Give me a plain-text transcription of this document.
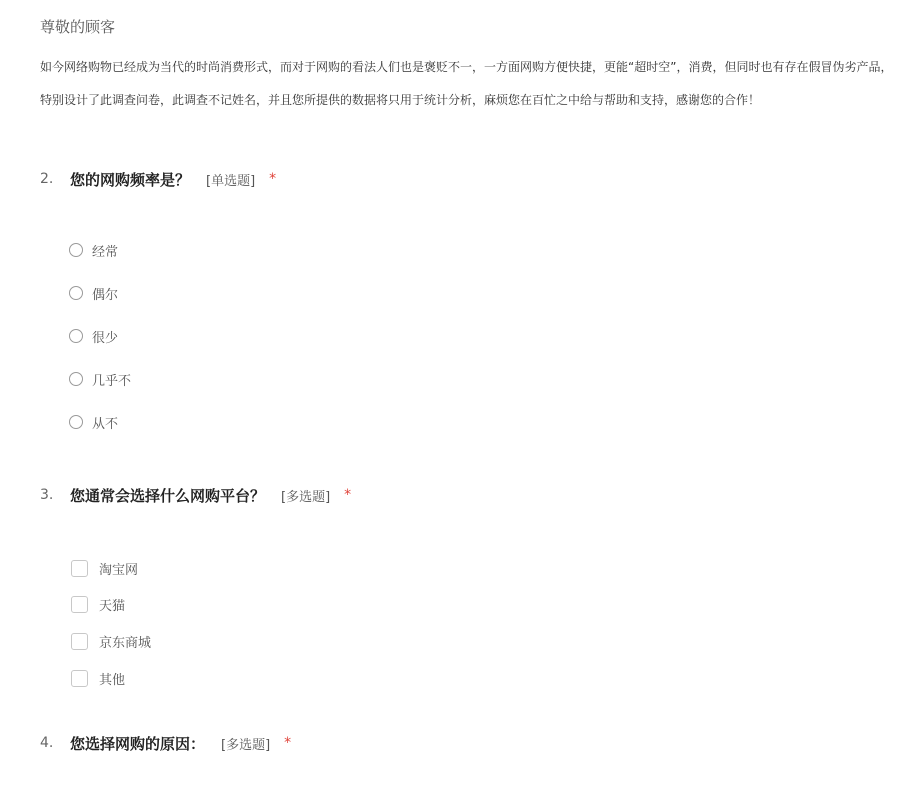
尊敬的顾客
如今网络购物已经成为当代的时尚消费形式，而对于网购的看法人们也是褒贬不一，一方面网购方便快捷，更能“超时空”，消费，但同时也有存在假冒伪劣产品，
特别设计了此调查问卷，此调查不记姓名，并且您所提供的数据将只用于统计分析，麻烦您在百忙之中给与帮助和支持，感谢您的合作！
2.	您的网购频率是？ [单选题] *
经常
偶尔
很少
几乎不
从不
3.	您通常会选择什么网购平台？ [多选题] *
淘宝网
天猫
京东商城
其他
4.	您选择网购的原因： [多选题] *
